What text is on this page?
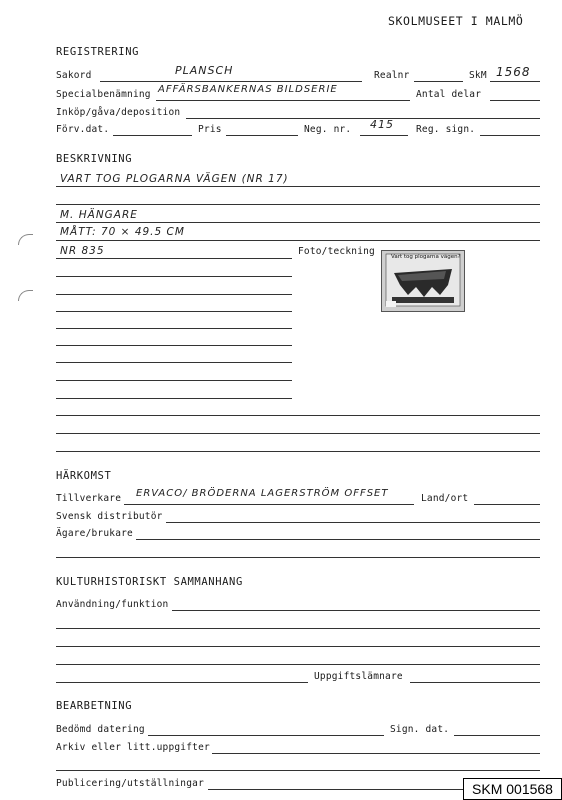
SKOLMUSEET I MALMÖ
REGISTRERING
Sakord	PLANSCH	Realnr	SkM 1568
Specialbenämning AFFÄRSBANKERNAS BILDSERIE	Antal delar
Inköp/gåva/deposition
Förv.dat.	Pris	Neg. nr. 415 Reg. sign.
BESKRIVNING
VART TOG PLOGARNA VÄGEN (NR 17)
M. HÄNGARE
MÅTT: 70 × 49.5 CM
NR 835	Foto/teckning	Vart tog plogarna vägen?
HÄRKOMST
Tillverkare ERVACO/ BRÖDERNA LAGERSTRÖM OFFSET	Land/ort
Svensk distributör
Ägare/brukare
KULTURHISTORISKT SAMMANHANG
Användning/funktion
Uppgiftslämnare
BEARBETNING
Bedömd datering	Sign. dat.
Arkiv eller litt.uppgifter
Publicering/utställningar	SKM 001568
